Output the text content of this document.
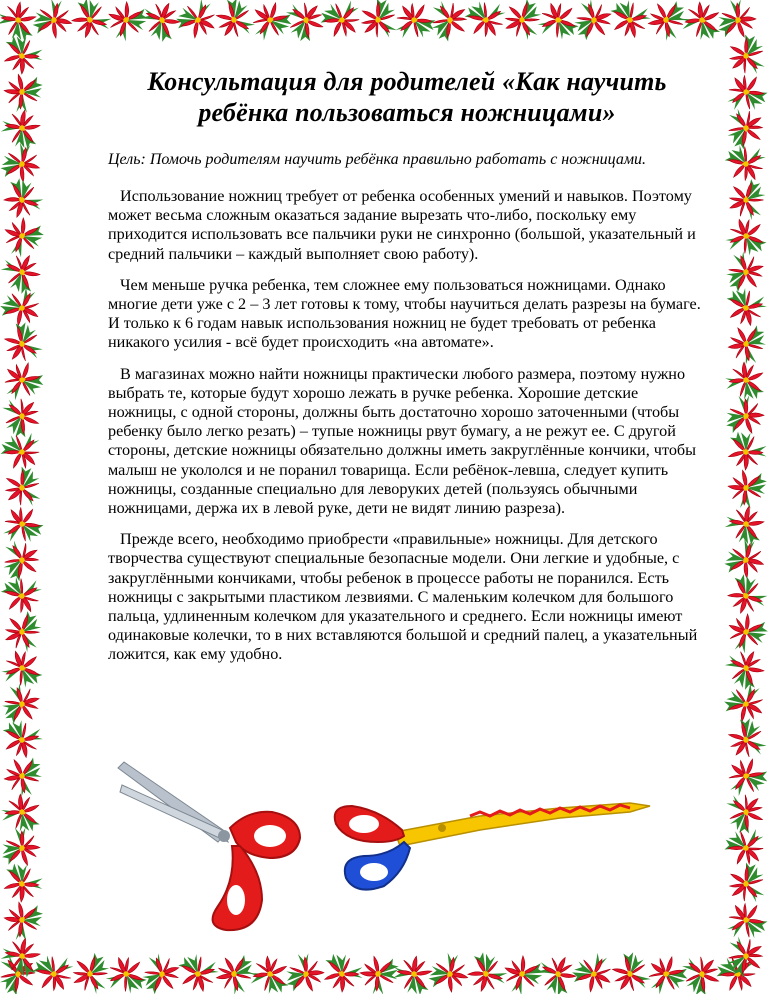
Консультация для родителей «Как научить ребёнка пользоваться ножницами»

Цель: Помочь родителям научить ребёнка правильно работать с ножницами.

Использование ножниц требует от ребенка особенных умений и навыков. Поэтому может весьма сложным оказаться задание вырезать что-либо, поскольку ему приходится использовать все пальчики руки не синхронно (большой, указательный и средний пальчики – каждый выполняет свою работу).

Чем меньше ручка ребенка, тем сложнее ему пользоваться ножницами. Однако многие дети уже с 2 – 3 лет готовы к тому, чтобы научиться делать разрезы на бумаге. И только к 6 годам навык использования ножниц не будет требовать от ребенка никакого усилия - всё будет происходить «на автомате».

В магазинах можно найти ножницы практически любого размера, поэтому нужно выбрать те, которые будут хорошо лежать в ручке ребенка. Хорошие детские ножницы, с одной стороны, должны быть достаточно хорошо заточенными (чтобы ребенку было легко резать) – тупые ножницы рвут бумагу, а не режут ее. С другой стороны, детские ножницы обязательно должны иметь закруглённые кончики, чтобы малыш не укололся и не поранил товарища. Если ребёнок-левша, следует купить ножницы, созданные специально для леворуких детей (пользуясь обычными ножницами, держа их в левой руке, дети не видят линию разреза).

Прежде всего, необходимо приобрести «правильные» ножницы. Для детского творчества существуют специальные безопасные модели. Они легкие и удобные, с закруглёнными кончиками, чтобы ребенок в процессе работы не поранился. Есть ножницы с закрытыми пластиком лезвиями. С маленьким колечком для большого пальца, удлиненным колечком для указательного и среднего. Если ножницы имеют одинаковые колечки, то в них вставляются большой и средний палец, а указательный ложится, как ему удобно.
